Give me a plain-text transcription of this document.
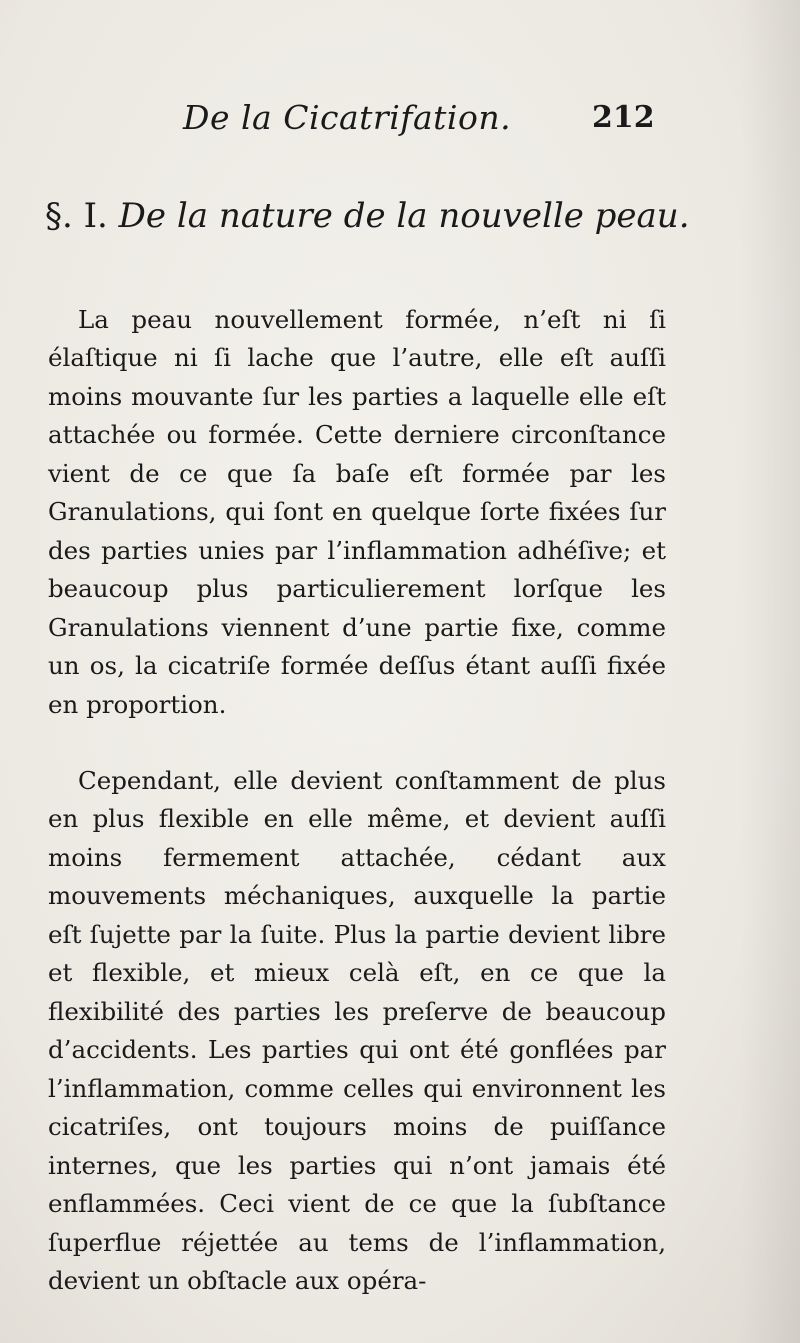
De la Cicatrifation.	212
§. I. De la nature de la nouvelle peau.

La peau nouvellement formée, n’eſt ni ſi élaſtique ni ſi lache que l’autre, elle eſt auſſi moins mouvante ſur les parties a laquelle elle eſt attachée ou formée. Cette derniere circonſtance vient de ce que ſa baſe eſt formée par les Granulations, qui ſont en quelque ſorte fixées ſur des parties unies par l’inflammation adhéſive; et beaucoup plus particulierement lorſque les Granulations viennent d’une partie fixe, comme un os, la cicatriſe formée deſſus étant auſſi fixée en proportion.

Cependant, elle devient conſtamment de plus en plus flexible en elle même, et devient auſſi moins fermement attachée, cédant aux mouvements méchaniques, auxquelle la partie eſt ſujette par la ſuite. Plus la partie devient libre et flexible, et mieux celà eſt, en ce que la flexibilité des parties les preſerve de beaucoup d’accidents. Les parties qui ont été gonflées par l’inflammation, comme celles qui environnent les cicatriſes, ont toujours moins de puiſſance internes, que les parties qui n’ont jamais été enflammées. Ceci vient de ce que la ſubſtance ſuperflue réjettée au tems de l’inflammation, devient un obſtacle aux opéra-
